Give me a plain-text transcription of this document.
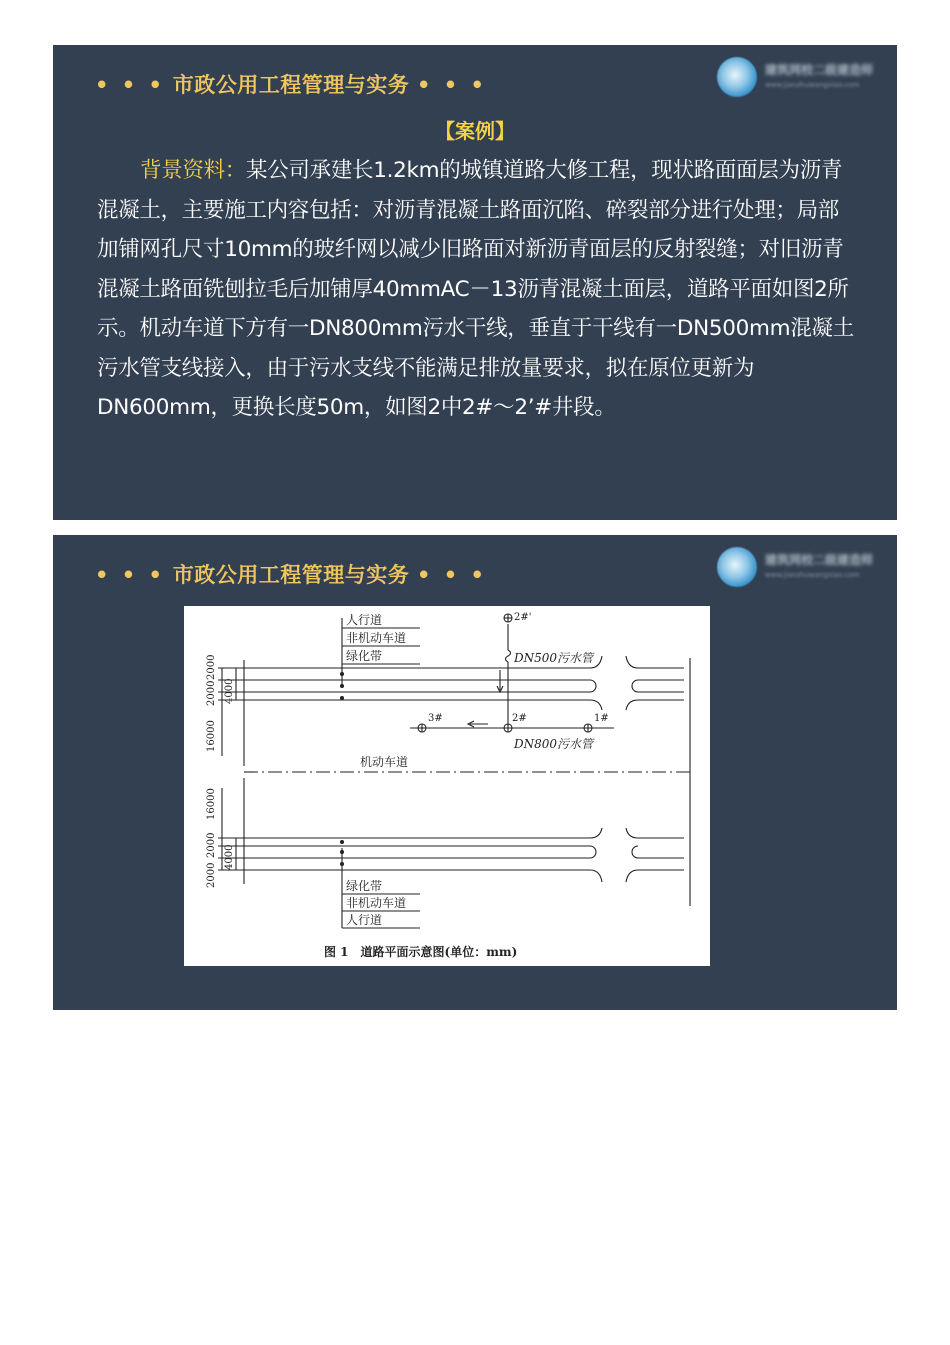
• • • 市政公用工程管理与实务 • • •
建筑网校二级建造师
www.jianzhuwangxiao.com
【案例】
背景资料：某公司承建长1.2km的城镇道路大修工程，现状路面面层为沥青混凝土，主要施工内容包括：对沥青混凝土路面沉陷、碎裂部分进行处理；局部加铺网孔尺寸10mm的玻纤网以减少旧路面对新沥青面层的反射裂缝；对旧沥青混凝土路面铣刨拉毛后加铺厚40mmAC－13沥青混凝土面层，道路平面如图2所示。机动车道下方有一DN800mm污水干线，垂直于干线有一DN500mm混凝土污水管支线接入，由于污水支线不能满足排放量要求，拟在原位更新为DN600mm，更换长度50m，如图2中2#～2’#井段。
• • • 市政公用工程管理与实务 • • •
建筑网校二级建造师
www.jianzhuwangxiao.com
人行道
非机动车道
绿化带
机动车道
绿化带
非机动车道
人行道
DN500污水管
DN800污水管
2#'
3#	2#	1#
2000
2000 4000
16000
16000
2000 4000
2000
图 1　道路平面示意图(单位：mm)
